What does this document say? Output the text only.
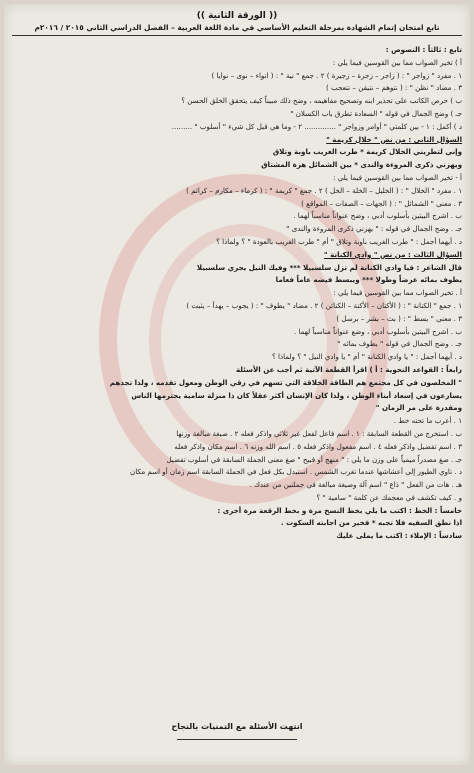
(( الورقة الثانية ))
تابع امتحان إتمام الشهادة بمرحلة التعليم الأساسي في مادة اللغة العربية – الفصل الدراسي الثاني ٢٠١٥ / ٢٠١٦م
تابع : ثالثاً : النصوص :
أ ) تخير الصواب مما بين القوسين فيما يلي :
١ . مفرد " زواجر " : ( زاجر – زجرة – زجيرة ) ٢ . جمع " نية " : ( انواء – نوى – نوايا )
٣ . مضاد " نظن " : ( نتوهم – نتيقن – نتعجب )
ب ) حرص الكاتب على تحذير ابنه وتصحيح مفاهيمه ، وضح ذلك مبيناً كيف يتحقق الخلق الحسن ؟
جـ ) وضح الجمال في قوله " السعادة تطرق باب الكسلان "
د ) أكمل : ١ - بين كلمتي " أوامر وزواجر " .............. ٢ - وما هي قبل كل شيء " أسلوب " .........
السؤال الثاني : من نص " خلال كريمة "
وإني لتطريني الخلال كريمة * طرب الغريب باوبة وتلاق
ويهزني ذكرى المروءة والندى * بين الشمائل هزة المشتاق
أ - تخير الصواب مما بين القوسين فيما يلي :
١ . مفرد " الخلال " : ( الخليل – الخلة – الخل ) ٢ . جمع " كريمة " : ( كرماء – مكارم – كرائم )
٣ . معنى " الشمائل " : ( الجهات – الصفات – المواقع )
ب . اشرح البيتين بأسلوب أدبي ، وضح عنواناً مناسباً لهما .
جـ . وضح الجمال في قوله : " يهزني ذكرى المروءة والندى "
د . أيهما أجمل : " طرب الغريب باوبة وتلاق " أم " طرب الغريب بالعودة " ؟ ولماذا ؟
السؤال الثالث : من نص " وادي الكنانة "
قال الشاعر : فيا وادي الكنانة لم تزل سلسبيلا *** وفيك النيل يجري سلسبيلا
يطوف بمائه عرضاً وطولا *** ويبسط فيضه عاماً فعاما
أ . تخير الصواب مما بين القوسين فيما يلي :
١ . جمع " الكنانة " : ( الأكنان – الأكنة – الكنائن ) ٢ . مضاد " يطوف " : ( يجوب – يهدأ – يثبت )
٣ . معنى " بسط " : ( بث – بشر – برسل )
ب . اشرح البيتين بأسلوب أدبي ، وضع عنواناً مناسباً لهما .
جـ . وضح الجمال في قوله " يطوف بمائه "
د . أيهما أجمل : " يا وادي الكنانة " أم " يا وادي النيل " ؟ ولماذا ؟
رابعاً : القواعد النحوية : أ ) اقرأ القطعة الآتية ثم أجب عن الأسئلة
" المخلصون في كل مجتمع هم الطاقة الخلاقة التي تسهم في رقي الوطن ومعول تقدمه ، ولذا تجدهم
يسارعون في إسعاد أبناء الوطن ، ولذا كان الإنسان أكثر عقلاً كان ذا منزلة سامية يحترمها الناس
ومقدرة على مر الزمان "
١ . أعرب ما تحته خط .
ب . استخرج من القطعة السابقة : ١ . اسم فاعل لفعل غير ثلاثي واذكر فعله ٢ . صيغة مبالغة وزنها
٣ . اسم تفضيل واذكر فعله ٤ . اسم مفعول واذكر فعله ٥ . اسم الله وزنه ٦ . اسم مكان واذكر فعله
جـ . صغ مصدراً ميمياً على وزن ما يلي : " منهج أو قبيح " صغ معنى الجملة السابقة في أسلوب تفضيل
د . تاوي الطيور إلى أعشاشها عندما تغرب الشمس . استبدل بكل فعل في الجملة السابقة اسم زمان أو اسم مكان
هـ . هات من الفعل " ذاع " اسم آلة وصيغة مبالغة في جملتين من عندك .
و . كيف تكشف في معجمك عن كلمة " سامية " ؟
خامساً : الخط : اكتب ما يلي بخط النسخ مرة و بخط الرقعة مرة أخرى :
اذا نطق السفيه فلا تجبه * فخير من اجابته السكوت .
سادساً : الإملاء : اكتب ما يملى عليك
انتهت الأسئلة مع التمنيات بالنجاح
